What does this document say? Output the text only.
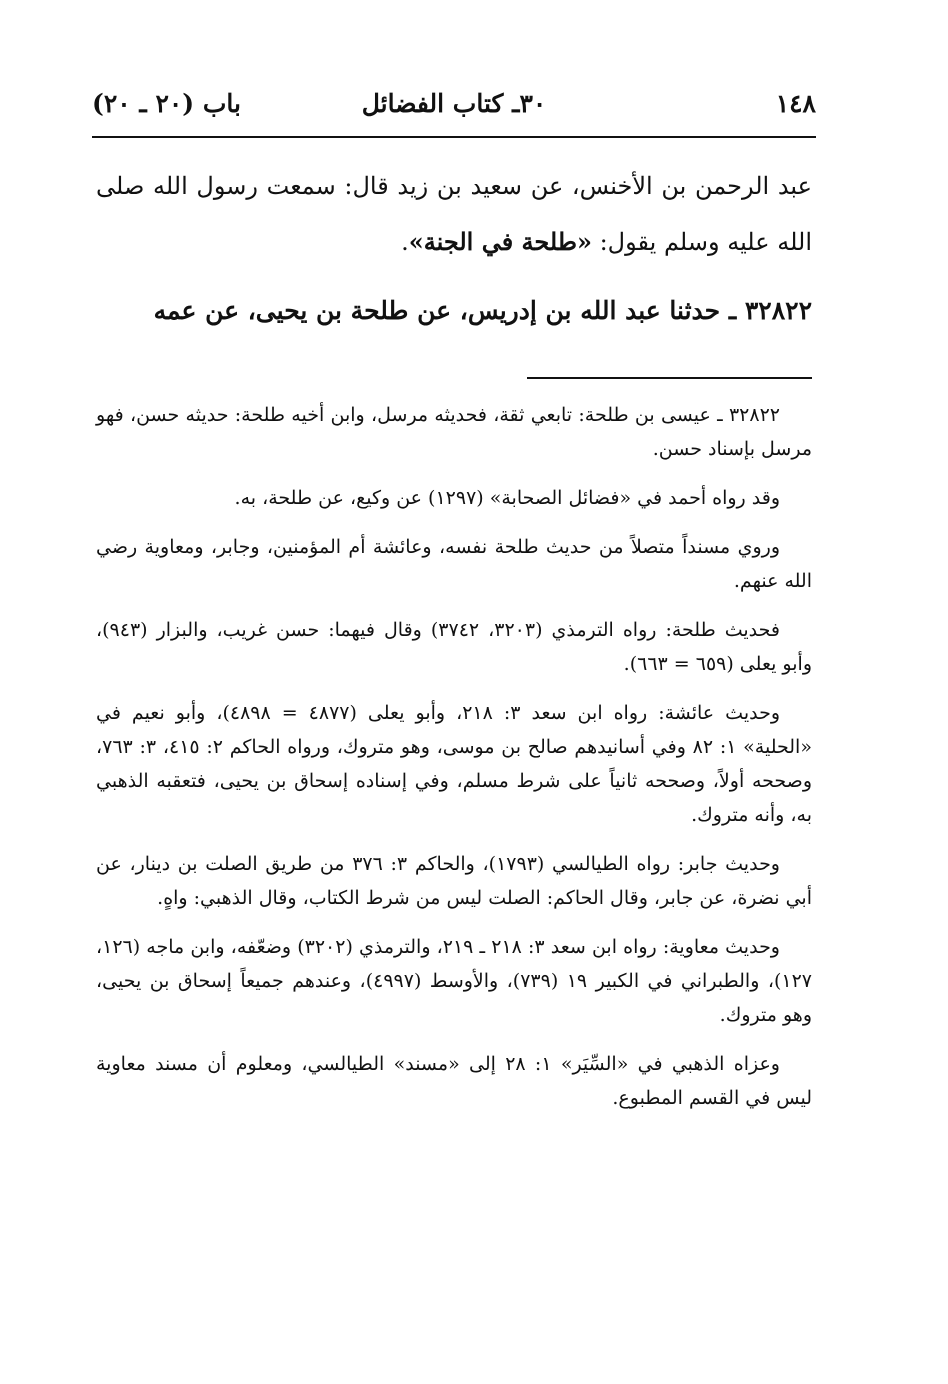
١٤٨
٣٠ـ كتاب الفضائل
باب (٢٠ ـ ٢٠)
عبد الرحمن بن الأخنس، عن سعيد بن زيد قال: سمعت رسول الله صلى الله عليه وسلم يقول: «طلحة في الجنة».
٣٢٨٢٢ ـ حدثنا عبد الله بن إدريس، عن طلحة بن يحيى، عن عمه

٣٢٨٢٢ ـ عيسى بن طلحة: تابعي ثقة، فحديثه مرسل، وابن أخيه طلحة: حديثه حسن، فهو مرسل بإسناد حسن.

وقد رواه أحمد في «فضائل الصحابة» (١٢٩٧) عن وكيع، عن طلحة، به.

وروي مسنداً متصلاً من حديث طلحة نفسه، وعائشة أم المؤمنين، وجابر، ومعاوية رضي الله عنهم.

فحديث طلحة: رواه الترمذي (٣٢٠٣، ٣٧٤٢) وقال فيهما: حسن غريب، والبزار (٩٤٣)، وأبو يعلى (٦٥٩ = ٦٦٣).

وحديث عائشة: رواه ابن سعد ٣: ٢١٨، وأبو يعلى (٤٨٧٧ = ٤٨٩٨)، وأبو نعيم في «الحلية» ١: ٨٢ وفي أسانيدهم صالح بن موسى، وهو متروك، ورواه الحاكم ٢: ٤١٥، ٣: ٧٦٣، وصححه أولاً، وصححه ثانياً على شرط مسلم، وفي إسناده إسحاق بن يحيى، فتعقبه الذهبي به، وأنه متروك.

وحديث جابر: رواه الطيالسي (١٧٩٣)، والحاكم ٣: ٣٧٦ من طريق الصلت بن دينار، عن أبي نضرة، عن جابر، وقال الحاكم: الصلت ليس من شرط الكتاب، وقال الذهبي: واهٍ.

وحديث معاوية: رواه ابن سعد ٣: ٢١٨ ـ ٢١٩، والترمذي (٣٢٠٢) وضعّفه، وابن ماجه (١٢٦، ١٢٧)، والطبراني في الكبير ١٩ (٧٣٩)، والأوسط (٤٩٩٧)، وعندهم جميعاً إسحاق بن يحيى، وهو متروك.

وعزاه الذهبي في «السِّيَر» ١: ٢٨ إلى «مسند» الطيالسي، ومعلوم أن مسند معاوية ليس في القسم المطبوع.
